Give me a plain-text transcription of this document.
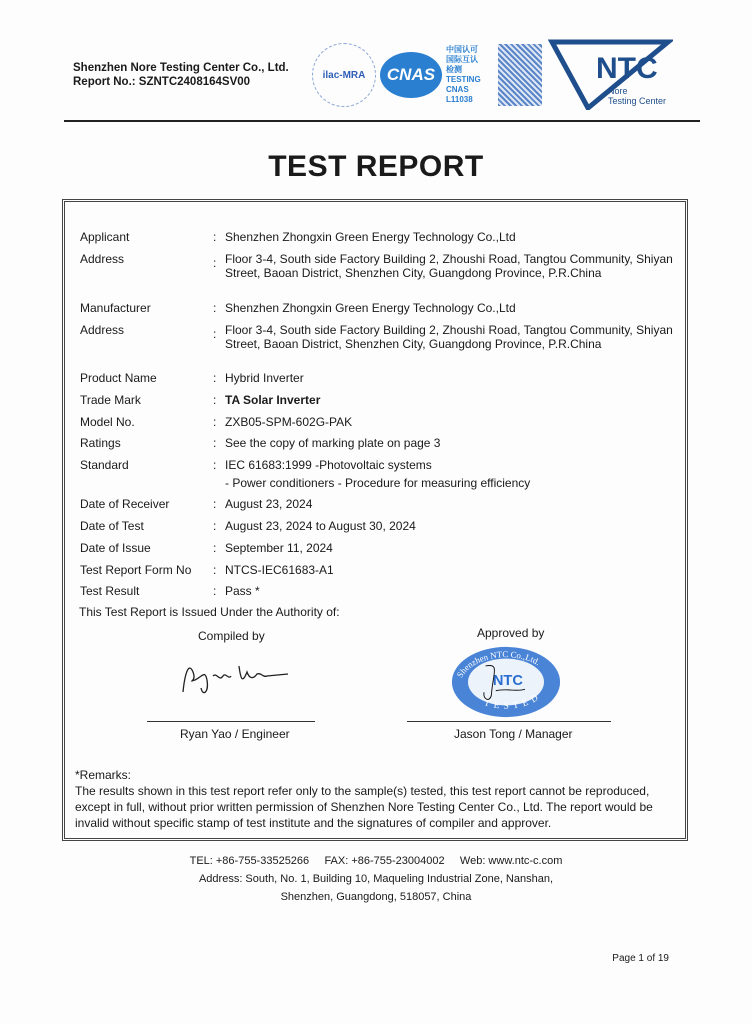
Shenzhen Nore Testing Center Co., Ltd.
Report No.: SZNTC2408164SV00
ilac-MRA CNAS
中国认可
国际互认
检测
TESTING
CNAS L11038
NTC
Nore
Testing Center
TEST REPORT
Shenzhen NTC Co.,Ltd.
TESTED
NTC
This Test Report is Issued Under the Authority of:
Compiled by
Ryan Yao / Engineer	Jason Tong / Manager
Approved by
*Remarks:
The results shown in this test report refer only to the sample(s) tested, this test report cannot be reproduced, except in full, without prior written permission of Shenzhen Nore Testing Center Co., Ltd. The report would be invalid without specific stamp of test institute and the signatures of compiler and approver.
Applicant	: Shenzhen Zhongxin Green Energy Technology Co.,Ltd
Address	: Floor 3-4, South side Factory Building 2, Zhoushi Road, Tangtou Community, Shiyan Street, Baoan District, Shenzhen City, Guangdong Province, P.R.China
Manufacturer	: Shenzhen Zhongxin Green Energy Technology Co.,Ltd
Address	: Floor 3-4, South side Factory Building 2, Zhoushi Road, Tangtou Community, Shiyan Street, Baoan District, Shenzhen City, Guangdong Province, P.R.China
Product Name	: Hybrid Inverter
Trade Mark	: TA Solar Inverter
Model No.	: ZXB05-SPM-602G-PAK
Ratings	: See the copy of marking plate on page 3
Standard	: IEC 61683:1999 -Photovoltaic systems
- Power conditioners - Procedure for measuring efficiency
Date of Receiver	: August 23, 2024
Date of Test	: August 23, 2024 to August 30, 2024
Date of Issue	: September 11, 2024
Test Report Form No : NTCS-IEC61683-A1
Test Result	: Pass *
TEL: +86-755-33525266     FAX: +86-755-23004002     Web: www.ntc-c.com
Address: South, No. 1, Building 10, Maqueling Industrial Zone, Nanshan,
Shenzhen, Guangdong, 518057, China
Page 1 of 19
